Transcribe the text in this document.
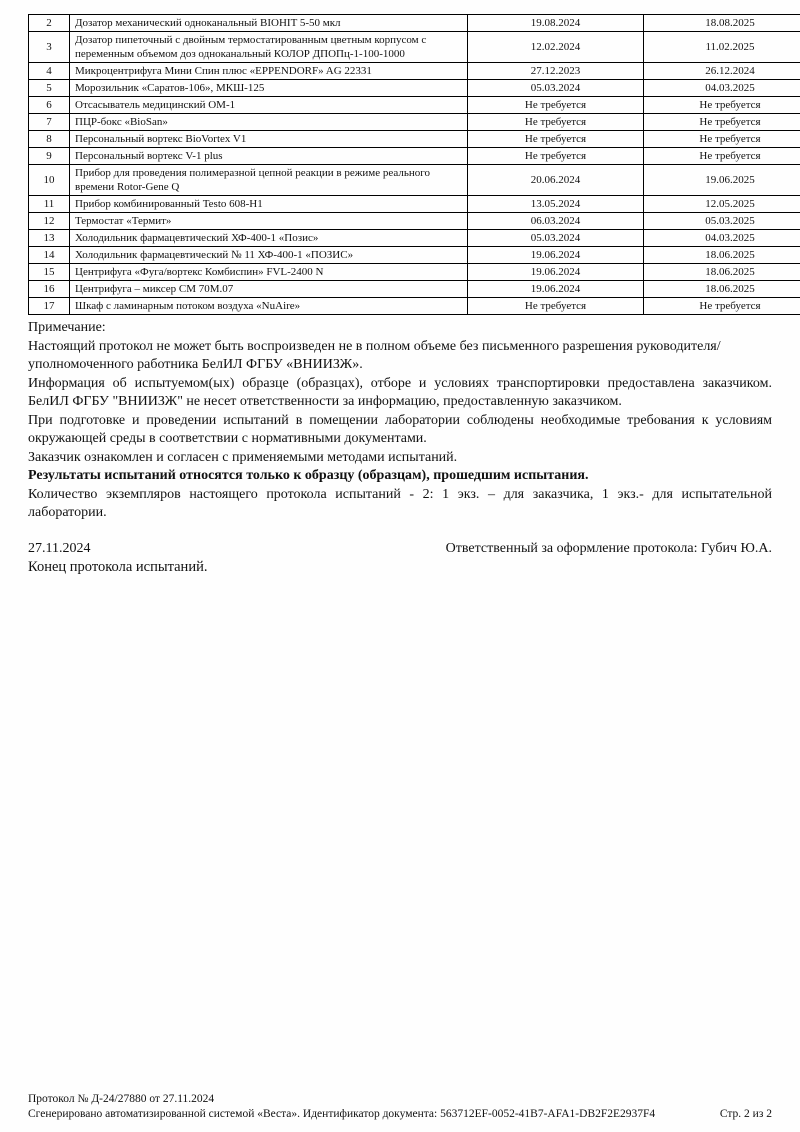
2	Дозатор механический одноканальный BIOHIT 5-50 мкл	19.08.2024	18.08.2025
3	Дозатор пипеточный с двойным термостатированным цветным корпусом с переменным объемом доз одноканальный КОЛОР ДПОПц-1-100-1000	12.02.2024	11.02.2025
4	Микроцентрифуга Мини Спин плюс «EPPENDORF» AG 22331	27.12.2023	26.12.2024
5	Морозильник «Саратов-106», МКШ-125	05.03.2024	04.03.2025
6	Отсасыватель медицинский ОМ-1	Не требуется	Не требуется
7	ПЦР-бокс «BioSan»	Не требуется	Не требуется
8	Персональный вортекс BioVortex V1	Не требуется	Не требуется
9	Персональный вортекс V-1 plus	Не требуется	Не требуется
10	Прибор для проведения полимеразной цепной реакции в режиме реального времени Rotor-Gene Q	20.06.2024	19.06.2025
11	Прибор комбинированный Testo 608-H1	13.05.2024	12.05.2025
12	Термостат «Термит»	06.03.2024	05.03.2025
13	Холодильник фармацевтический ХФ-400-1 «Позис»	05.03.2024	04.03.2025
14	Холодильник фармацевтический № 11 ХФ-400-1 «ПОЗИС»	19.06.2024	18.06.2025
15	Центрифуга «Фуга/вортекс Комбиспин» FVL-2400 N	19.06.2024	18.06.2025
16	Центрифуга – миксер СМ 70М.07	19.06.2024	18.06.2025
17	Шкаф с ламинарным потоком воздуха «NuAire»	Не требуется	Не требуется

Примечание:

Настоящий протокол не может быть воспроизведен не в полном объеме без письменного разрешения руководителя/уполномоченного работника БелИЛ ФГБУ «ВНИИЗЖ».

Информация об испытуемом(ых) образце (образцах), отборе и условиях транспортировки предоставлена заказчиком. БелИЛ ФГБУ "ВНИИЗЖ" не несет ответственности за информацию, предоставленную заказчиком.

При подготовке и проведении испытаний в помещении лаборатории соблюдены необходимые требования к условиям окружающей среды в соответствии с нормативными документами.

Заказчик ознакомлен и согласен с применяемыми методами испытаний.

Результаты испытаний относятся только к образцу (образцам), прошедшим испытания.

Количество экземпляров настоящего протокола испытаний - 2: 1 экз. – для заказчика, 1 экз.- для испытательной лаборатории.

27.11.2024	Ответственный за оформление протокола: Губич Ю.А.
Конец протокола испытаний.
Протокол № Д-24/27880 от 27.11.2024
Сгенерировано автоматизированной системой «Веста». Идентификатор документа: 563712EF-0052-41B7-AFA1-DB2F2E2937F4	Стр. 2 из 2
